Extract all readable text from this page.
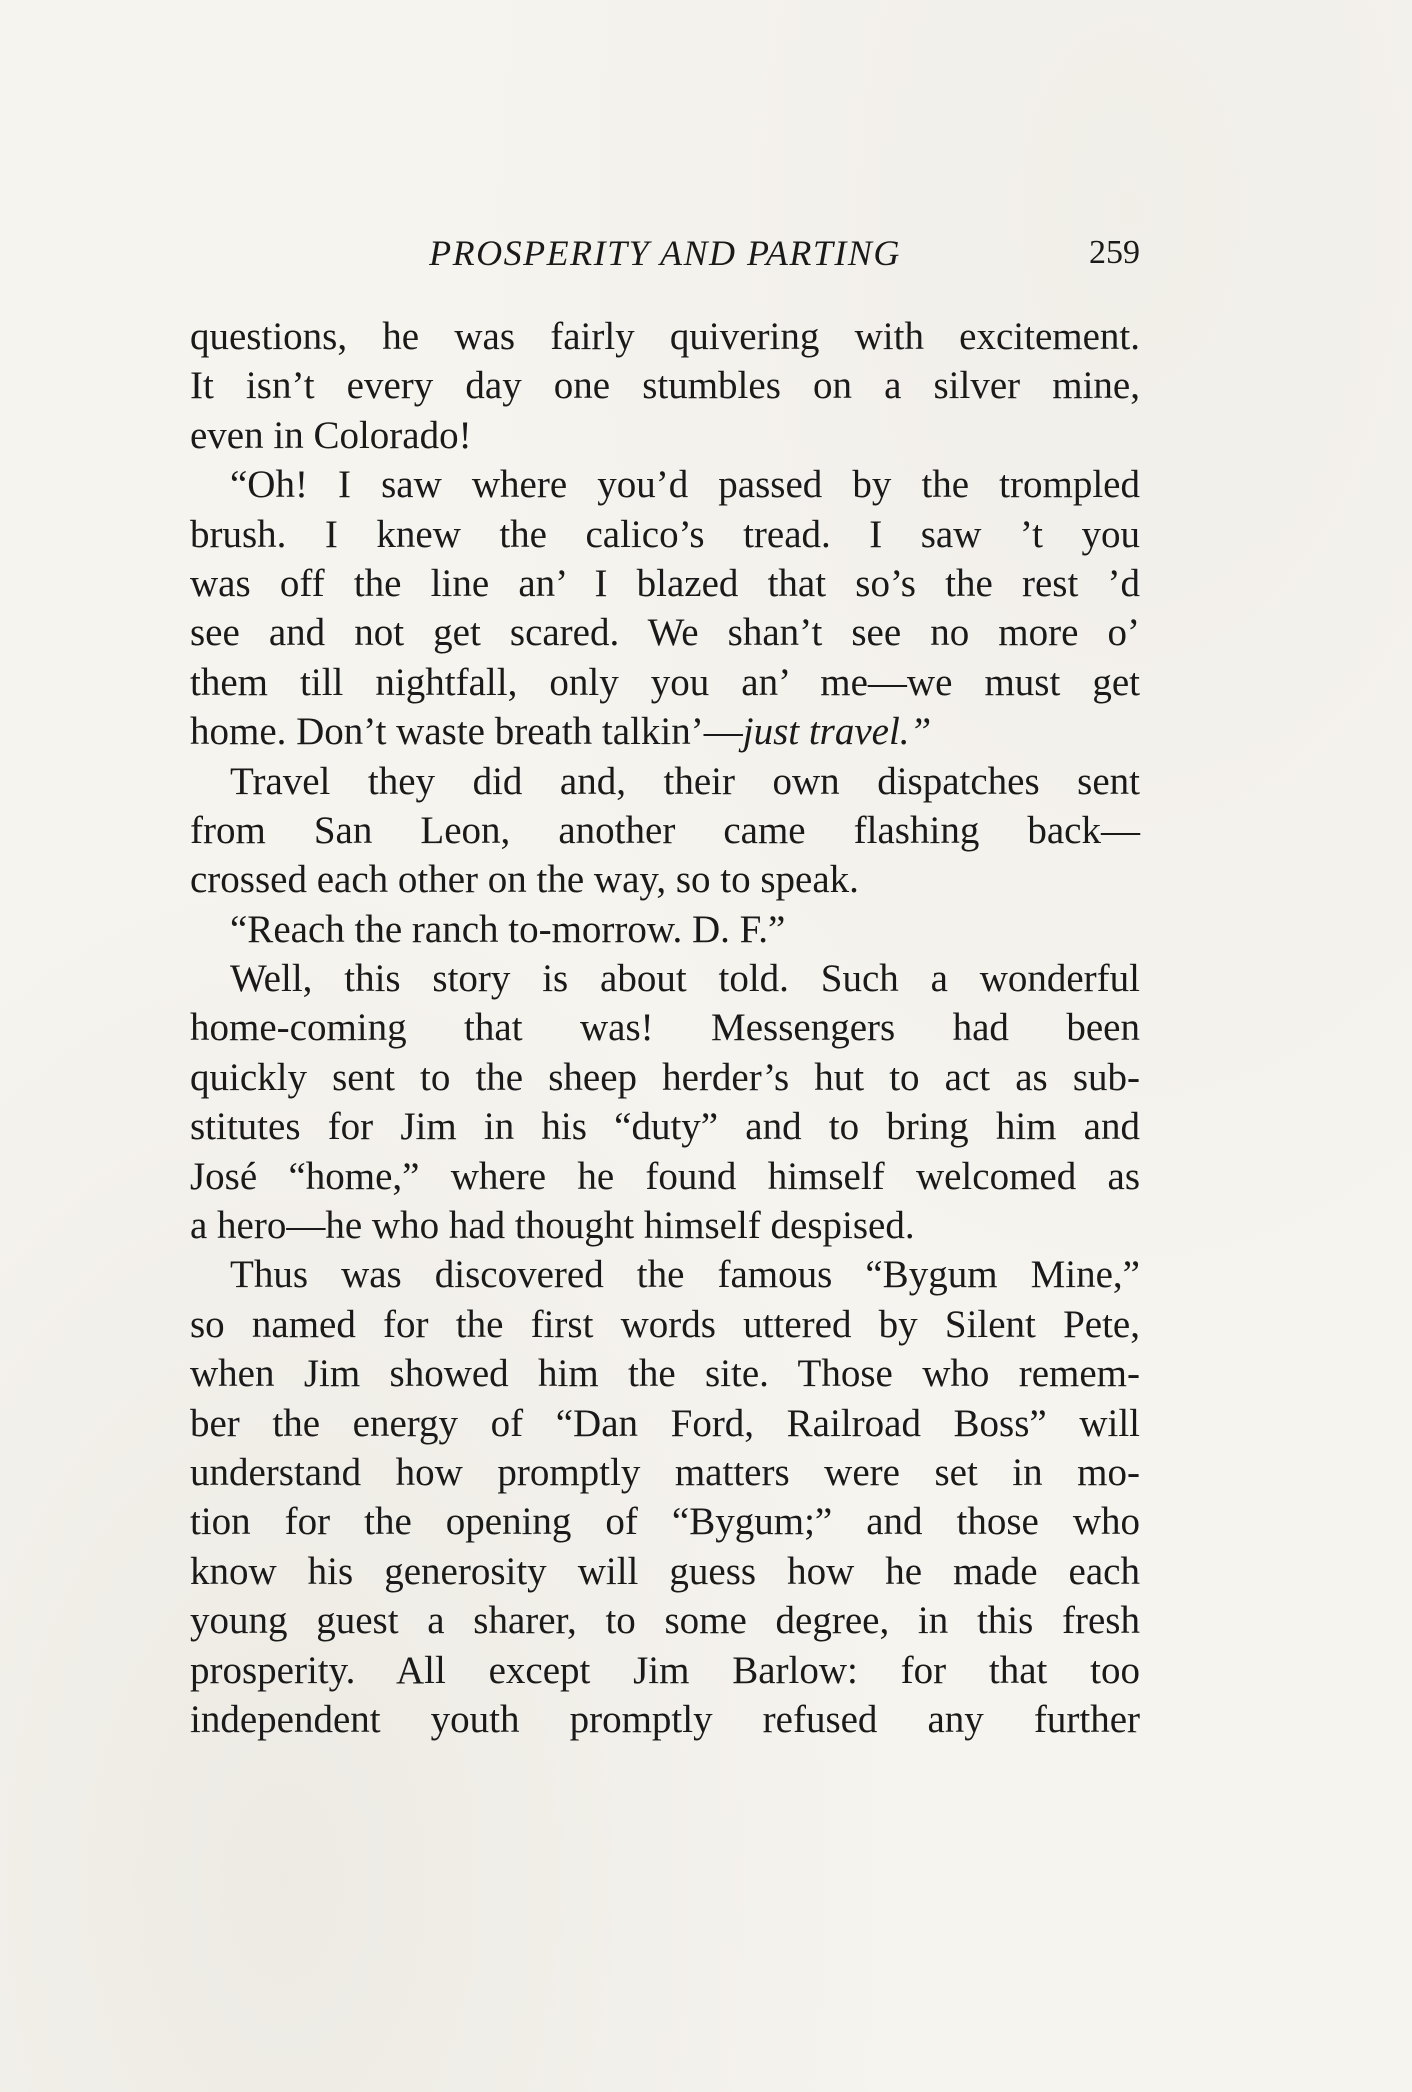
PROSPERITY AND PARTING	259
questions, he was fairly quivering with excitement.
It isn’t every day one stumbles on a silver mine,
even in Colorado!
“Oh! I saw where you’d passed by the trompled
brush. I knew the calico’s tread. I saw ’t you
was off the line an’ I blazed that so’s the rest ’d
see and not get scared. We shan’t see no more o’
them till nightfall, only you an’ me—we must get
home. Don’t waste breath talkin’—just travel.”
Travel they did and, their own dispatches sent
from San Leon, another came flashing back—
crossed each other on the way, so to speak.
“Reach the ranch to-morrow. D. F.”
Well, this story is about told. Such a wonderful
home-coming that was! Messengers had been
quickly sent to the sheep herder’s hut to act as sub-
stitutes for Jim in his “duty” and to bring him and
José “home,” where he found himself welcomed as
a hero—he who had thought himself despised.
Thus was discovered the famous “Bygum Mine,”
so named for the first words uttered by Silent Pete,
when Jim showed him the site. Those who remem-
ber the energy of “Dan Ford, Railroad Boss” will
understand how promptly matters were set in mo-
tion for the opening of “Bygum;” and those who
know his generosity will guess how he made each
young guest a sharer, to some degree, in this fresh
prosperity. All except Jim Barlow: for that too
independent youth promptly refused any further
